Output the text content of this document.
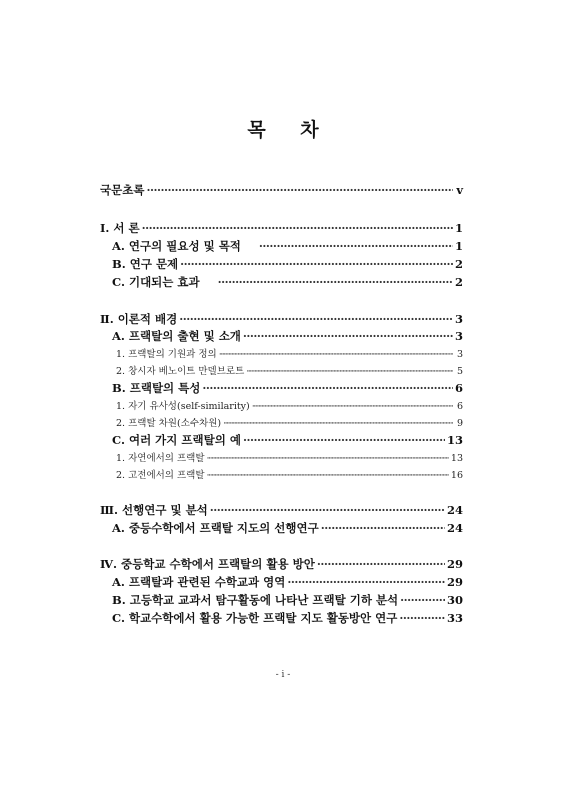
목 차
국문초록 ·····	v
Ⅰ. 서 론 ·····	1
A. 연구의 필요성 및 목적 ·····	1
B. 연구 문제 ·····	2
C. 기대되는 효과 ·····	2
Ⅱ. 이론적 배경 ·····	3
A. 프랙탈의 출현 및 소개 ·····	3
1. 프랙탈의 기원과 정의 ·····	3
2. 창시자 베노이트 만델브로트 ·····	5
B. 프랙탈의 특성 ·····	6
1. 자기 유사성(self-similarity) ·····	6
2. 프랙탈 차원(소수차원) ·····	9
C. 여러 가지 프랙탈의 예 ·····	13
1. 자연에서의 프랙탈 ·····	13
2. 고전에서의 프랙탈 ·····	16
Ⅲ. 선행연구 및 분석 ·····	24
A. 중등수학에서 프랙탈 지도의 선행연구 ·····	24
Ⅳ. 중등학교 수학에서 프랙탈의 활용 방안 ·····	29
A. 프랙탈과 관련된 수학교과 영역 ·····	29
B. 고등학교 교과서 탐구활동에 나타난 프랙탈 기하 분석 ·····	30
C. 학교수학에서 활용 가능한 프랙탈 지도 활동방안 연구 ·····	33
- i -
